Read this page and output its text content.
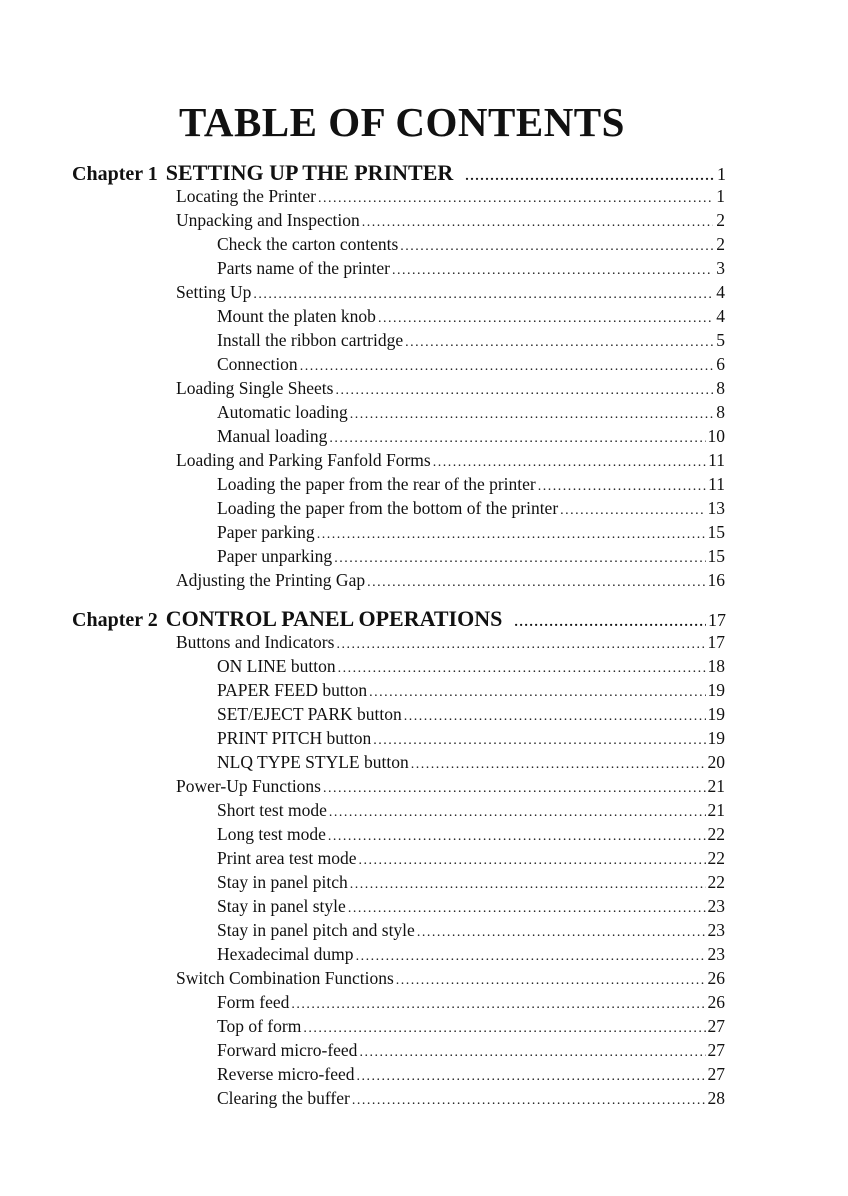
TABLE OF CONTENTS
Chapter 1 SETTING UP THE PRINTER .....	1
Locating the Printer .....	1
Unpacking and Inspection .....	2
Check the carton contents .....	2
Parts name of the printer .....	3
Setting Up .....	4
Mount the platen knob .....	4
Install the ribbon cartridge .....	5
Connection .....	6
Loading Single Sheets .....	8
Automatic loading .....	8
Manual loading .....	10
Loading and Parking Fanfold Forms .....	11
Loading the paper from the rear of the printer .....	11
Loading the paper from the bottom of the printer .....	13
Paper parking .....	15
Paper unparking .....	15
Adjusting the Printing Gap .....	16
Chapter 2 CONTROL PANEL OPERATIONS .....	17
Buttons and Indicators .....	17
ON LINE button .....	18
PAPER FEED button .....	19
SET/EJECT PARK button .....	19
PRINT PITCH button .....	19
NLQ TYPE STYLE button .....	20
Power-Up Functions .....	21
Short test mode .....	21
Long test mode .....	22
Print area test mode .....	22
Stay in panel pitch .....	22
Stay in panel style .....	23
Stay in panel pitch and style .....	23
Hexadecimal dump .....	23
Switch Combination Functions .....	26
Form feed .....	26
Top of form .....	27
Forward micro-feed .....	27
Reverse micro-feed .....	27
Clearing the buffer .....	28
